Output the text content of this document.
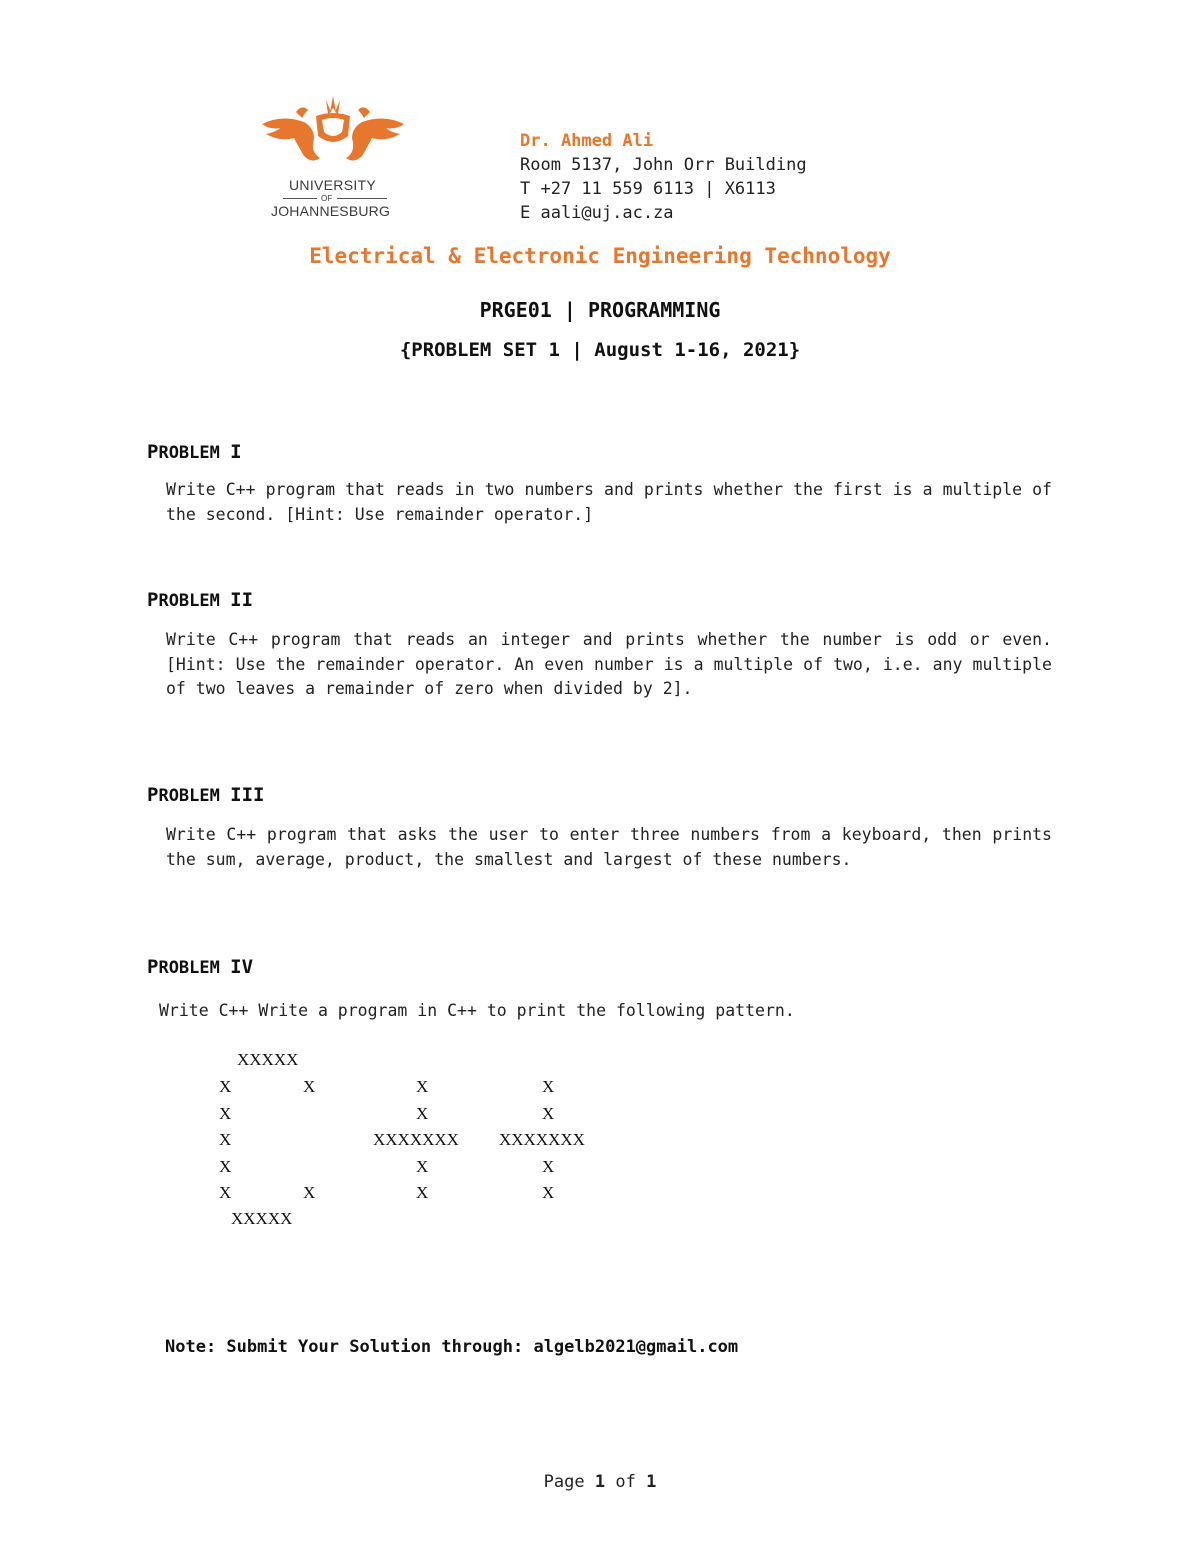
UNIVERSITY
OF
JOHANNESBURG
Dr. Ahmed Ali
Room 5137, John Orr Building
T +27 11 559 6113 | X6113
E aali@uj.ac.za
Electrical & Electronic Engineering Technology
PRGE01 | PROGRAMMING
{PROBLEM SET 1 | August 1-16, 2021}
PROBLEM I
Write C++ program that reads in two numbers and prints whether the first is a multiple of the second. [Hint: Use remainder operator.]
PROBLEM II
Write C++ program that reads an integer and prints whether the number is odd or even. [Hint: Use the remainder operator. An even number is a multiple of two, i.e. any multiple of two leaves a remainder of zero when divided by 2].
PROBLEM III
Write C++ program that asks the user to enter three numbers from a keyboard, then prints the sum, average, product, the smallest and largest of these numbers.
PROBLEM IV
Write C++ Write a program in C++ to print the following pattern.
XXXXX
X	X
X
X
X
X	X
XXXXX
X
X
XXXXXXX
X
X
X
X
XXXXXXX
X
X
Note: Submit Your Solution through: algelb2021@gmail.com
Page 1 of 1
